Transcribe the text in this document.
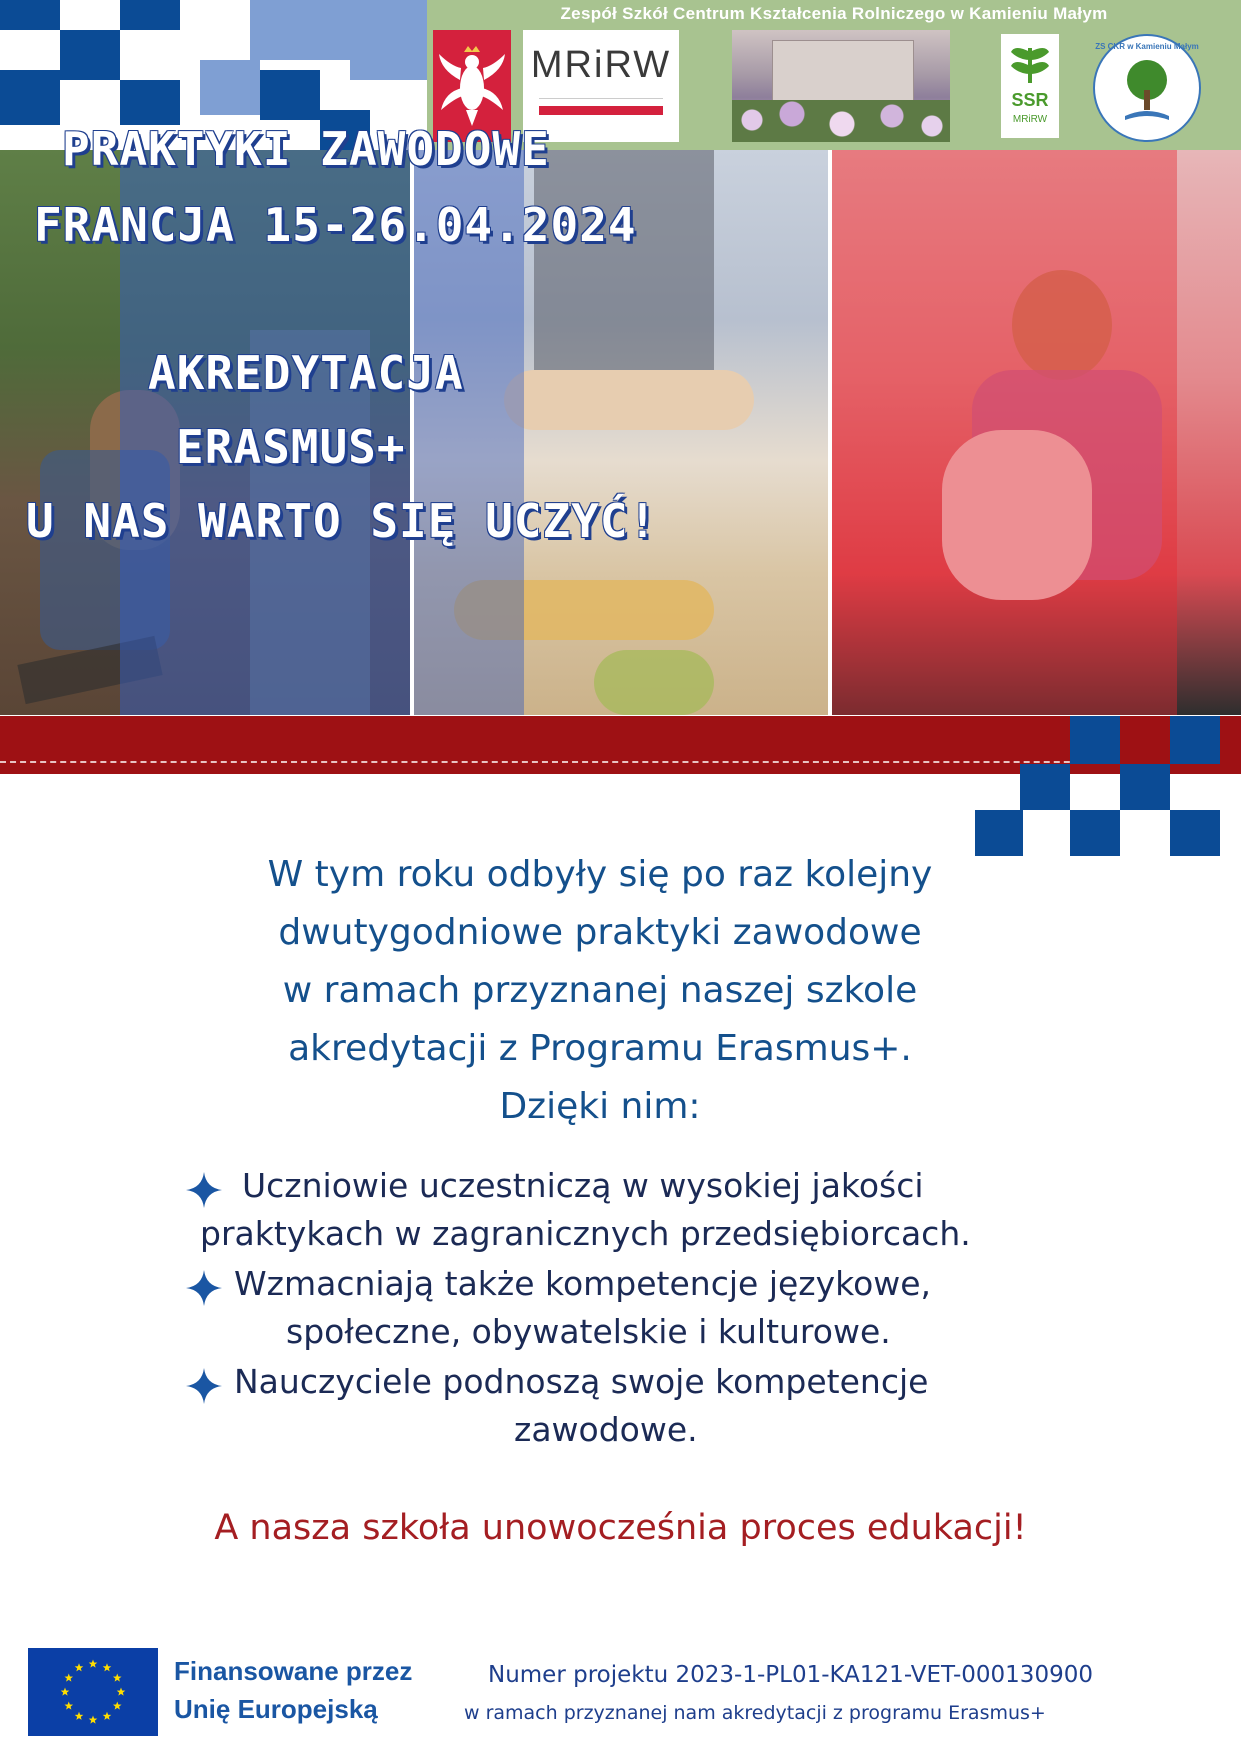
Zespół Szkół Centrum Kształcenia Rolniczego w Kamieniu Małym
MRiRW
SSR
MRiRW
ZS CKR w Kamieniu Małym
PRAKTYKI ZAWODOWE
FRANCJA 15-26.04.2024
AKREDYTACJA
ERASMUS+
U NAS WARTO SIĘ UCZYĆ!
W tym roku odbyły się po raz kolejny
dwutygodniowe praktyki zawodowe
w ramach przyznanej naszej szkole
akredytacji z Programu Erasmus+.
Dzięki nim:
Uczniowie uczestniczą w wysokiej jakości
praktykach w zagranicznych przedsiębiorcach.
Wzmacniają także kompetencje językowe,
społeczne, obywatelskie i kulturowe.
Nauczyciele podnoszą swoje kompetencje
zawodowe.
A nasza szkoła unowocześnia proces edukacji!
Finansowane przez
Unię Europejską
Numer projektu 2023-1-PL01-KA121-VET-000130900
w ramach przyznanej nam akredytacji z programu Erasmus+
